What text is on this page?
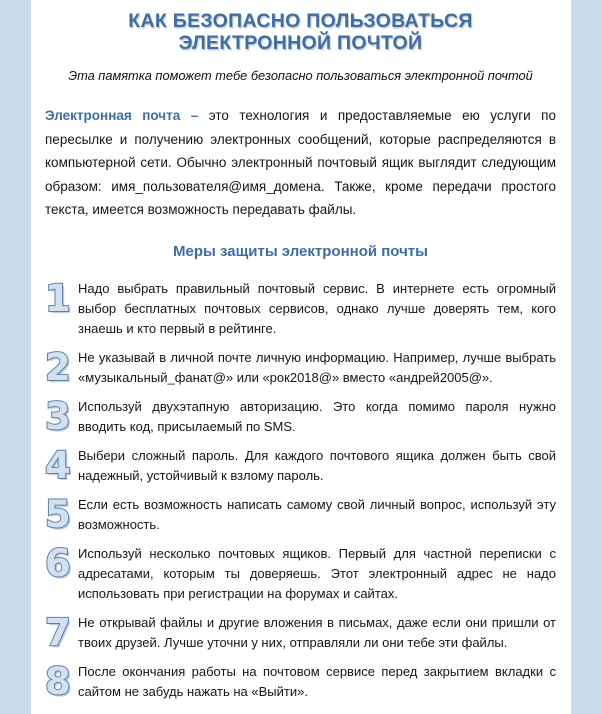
КАК БЕЗОПАСНО ПОЛЬЗОВАТЬСЯ
ЭЛЕКТРОННОЙ ПОЧТОЙ
Эта памятка поможет тебе безопасно пользоваться электронной почтой

Электронная почта – это технология и предоставляемые ею услуги по пересылке и получению электронных сообщений, которые распределяются в компьютерной сети. Обычно электронный почтовый ящик выглядит следующим образом: имя_пользователя@имя_домена. Также, кроме передачи простого текста, имеется возможность передавать файлы.

Меры защиты электронной почты
1 Надо выбрать правильный почтовый сервис. В интернете есть огромный выбор бесплатных почтовых сервисов, однако лучше доверять тем, кого знаешь и кто первый в рейтинге.
2 Не указывай в личной почте личную информацию. Например, лучше выбрать «музыкальный_фанат@» или «рок2018@» вместо «андрей2005@».
3 Используй двухэтапную авторизацию. Это когда помимо пароля нужно вводить код, присылаемый по SMS.
4 Выбери сложный пароль. Для каждого почтового ящика должен быть свой надежный, устойчивый к взлому пароль.
5 Если есть возможность написать самому свой личный вопрос, используй эту возможность.
6 Используй несколько почтовых ящиков. Первый для частной переписки с адресатами, которым ты доверяешь. Этот электронный адрес не надо использовать при регистрации на форумах и сайтах.
7 Не открывай файлы и другие вложения в письмах, даже если они пришли от твоих друзей. Лучше уточни у них, отправляли ли они тебе эти файлы.
8 После окончания работы на почтовом сервисе перед закрытием вкладки с сайтом не забудь нажать на «Выйти».
